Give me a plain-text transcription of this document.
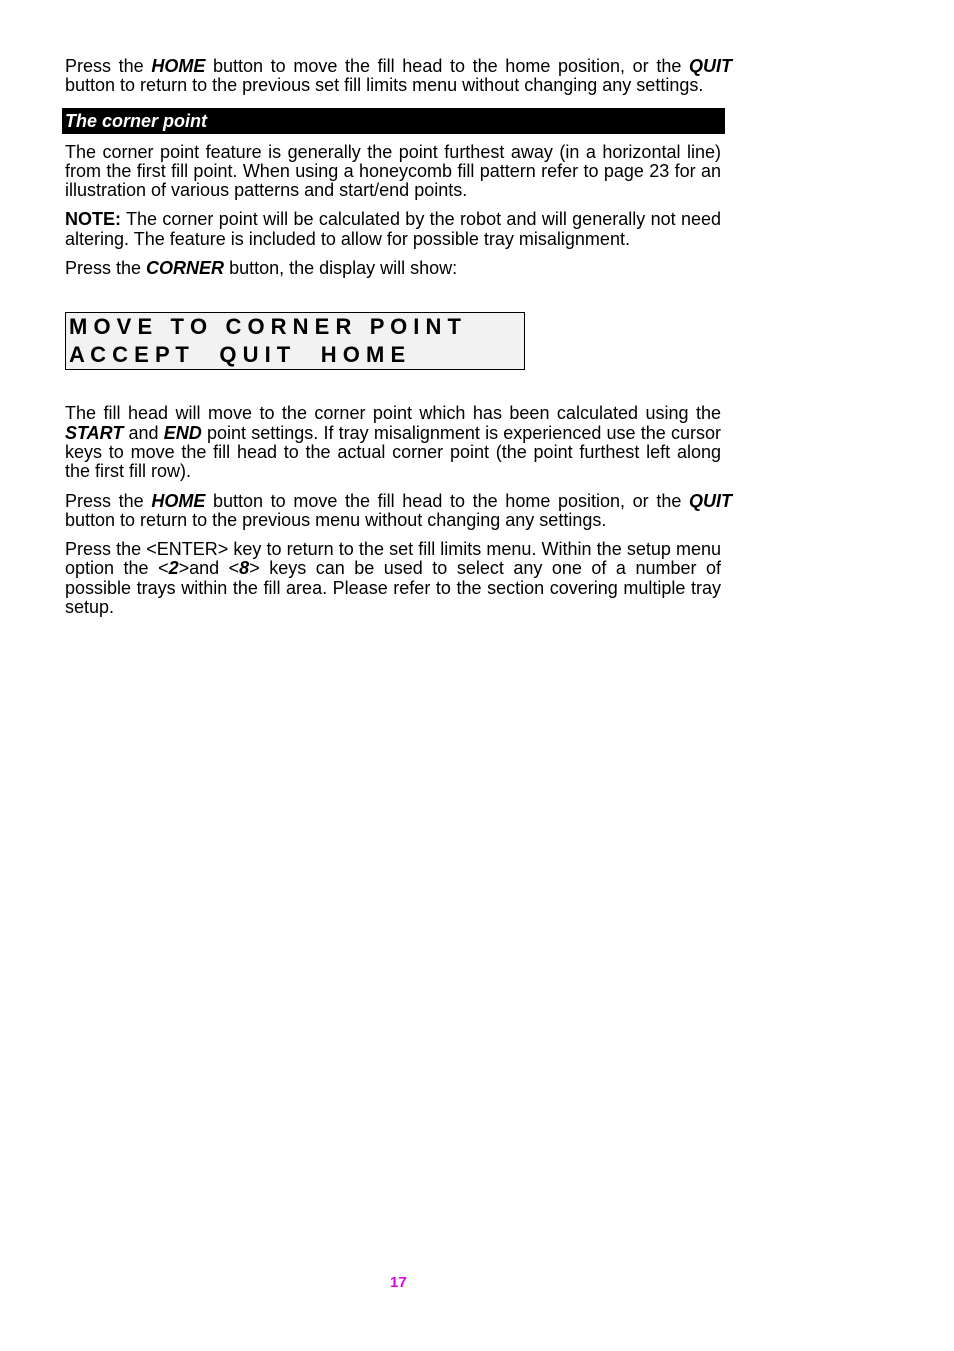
Press the HOME button to move the fill head to the home position, or the QUIT button to return to the previous set fill limits menu without changing any settings.

The corner point

The corner point feature is generally the point furthest away (in a horizontal line) from the first fill point. When using a honeycomb fill pattern refer to page 23 for an illustration of various patterns and start/end points.

NOTE: The corner point will be calculated by the robot and will generally not need altering. The feature is included to allow for possible tray misalignment.

Press the CORNER button, the display will show:

M O V E   T O   C O R N E R   P O I N T
A C C E P T     Q U I T     H O M E

The fill head will move to the corner point which has been calculated using the START and END point settings. If tray misalignment is experienced use the cursor keys to move the fill head to the actual corner point (the point furthest left along the first fill row).

Press the HOME button to move the fill head to the home position, or the QUIT button to return to the previous menu without changing any settings.

Press the <ENTER> key to return to the set fill limits menu. Within the setup menu option the <2>and <8> keys can be used to select any one of a number of possible trays within the fill area. Please refer to the section covering multiple tray setup.

17
